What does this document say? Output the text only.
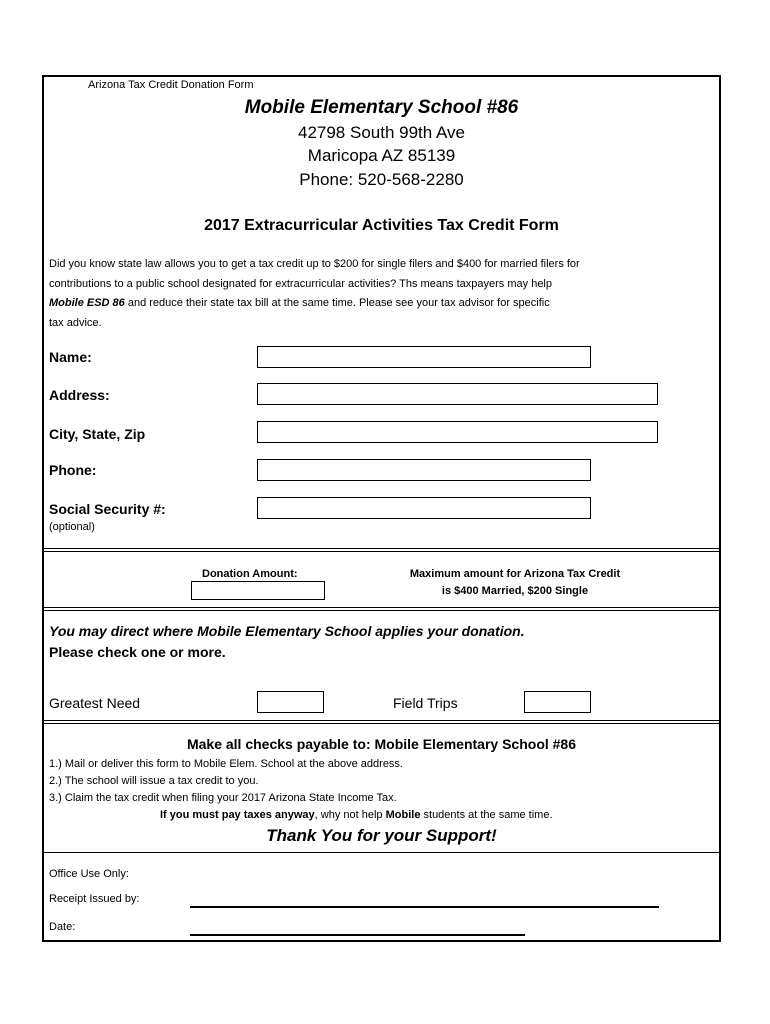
Arizona Tax Credit Donation Form
Mobile Elementary School #86
42798 South 99th Ave
Maricopa AZ 85139
Phone: 520-568-2280
2017 Extracurricular Activities Tax Credit Form
Did you know state law allows you to get a tax credit up to $200 for single filers and $400 for married filers for
contributions to a public school designated for extracurricular activities? Ths means taxpayers may help
Mobile ESD 86 and reduce their state tax bill at the same time. Please see your tax advisor for specific
tax advice.
Name:
Address:
City, State, Zip
Phone:
Social Security #:
(optional)
Donation Amount:	Maximum amount for Arizona Tax Credit
is $400 Married, $200 Single
You may direct where Mobile Elementary School applies your donation.
Please check one or more.
Greatest Need	Field Trips
Make all checks payable to: Mobile Elementary School #86
1.) Mail or deliver this form to Mobile Elem. School at the above address.
2.) The school will issue a tax credit to you.
3.) Claim the tax credit when filing your 2017 Arizona State Income Tax.
If you must pay taxes anyway, why not help Mobile students at the same time.
Thank You for your Support!
Office Use Only:
Receipt Issued by:
Date:
